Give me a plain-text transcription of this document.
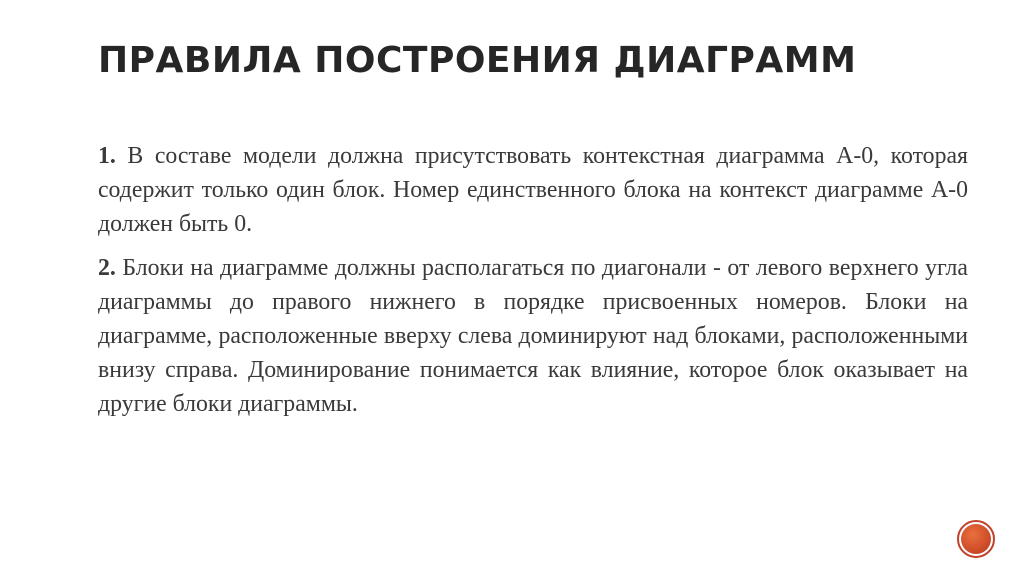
ПРАВИЛА ПОСТРОЕНИЯ ДИАГРАММ

1. В составе модели должна присутствовать контекстная диаграмма А-0, которая содержит только один блок. Номер единственного блока на контекст диаграмме А-0 должен быть 0.

2. Блоки на диаграмме должны располагаться по диагонали - от левого верхнего угла диаграммы до правого нижнего в порядке присвоенных номеров. Блоки на диаграмме, расположенные вверху слева доминируют над блоками, расположенными внизу справа. Доминирование понимается как влияние, которое блок оказывает на другие блоки диаграммы.
